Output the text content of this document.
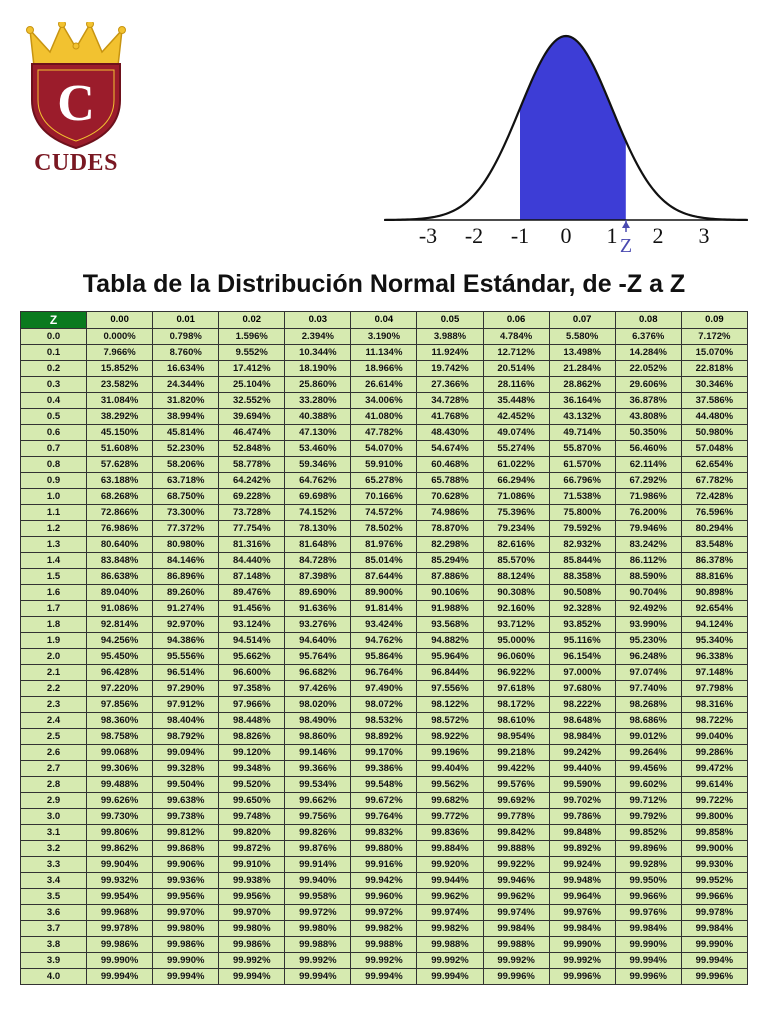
C
CUDES
-3 -2 -1 0 1 2 3
Z
Tabla de la Distribución Normal Estándar, de -Z a Z
Z	0.00	0.01	0.02	0.03	0.04	0.05	0.06	0.07	0.08	0.09
0.0	0.000%	0.798%	1.596%	2.394%	3.190%	3.988%	4.784%	5.580%	6.376%	7.172%
0.1	7.966%	8.760%	9.552%	10.344%	11.134%	11.924%	12.712%	13.498%	14.284%	15.070%
0.2	15.852%	16.634%	17.412%	18.190%	18.966%	19.742%	20.514%	21.284%	22.052%	22.818%
0.3	23.582%	24.344%	25.104%	25.860%	26.614%	27.366%	28.116%	28.862%	29.606%	30.346%
0.4	31.084%	31.820%	32.552%	33.280%	34.006%	34.728%	35.448%	36.164%	36.878%	37.586%
0.5	38.292%	38.994%	39.694%	40.388%	41.080%	41.768%	42.452%	43.132%	43.808%	44.480%
0.6	45.150%	45.814%	46.474%	47.130%	47.782%	48.430%	49.074%	49.714%	50.350%	50.980%
0.7	51.608%	52.230%	52.848%	53.460%	54.070%	54.674%	55.274%	55.870%	56.460%	57.048%
0.8	57.628%	58.206%	58.778%	59.346%	59.910%	60.468%	61.022%	61.570%	62.114%	62.654%
0.9	63.188%	63.718%	64.242%	64.762%	65.278%	65.788%	66.294%	66.796%	67.292%	67.782%
1.0	68.268%	68.750%	69.228%	69.698%	70.166%	70.628%	71.086%	71.538%	71.986%	72.428%
1.1	72.866%	73.300%	73.728%	74.152%	74.572%	74.986%	75.396%	75.800%	76.200%	76.596%
1.2	76.986%	77.372%	77.754%	78.130%	78.502%	78.870%	79.234%	79.592%	79.946%	80.294%
1.3	80.640%	80.980%	81.316%	81.648%	81.976%	82.298%	82.616%	82.932%	83.242%	83.548%
1.4	83.848%	84.146%	84.440%	84.728%	85.014%	85.294%	85.570%	85.844%	86.112%	86.378%
1.5	86.638%	86.896%	87.148%	87.398%	87.644%	87.886%	88.124%	88.358%	88.590%	88.816%
1.6	89.040%	89.260%	89.476%	89.690%	89.900%	90.106%	90.308%	90.508%	90.704%	90.898%
1.7	91.086%	91.274%	91.456%	91.636%	91.814%	91.988%	92.160%	92.328%	92.492%	92.654%
1.8	92.814%	92.970%	93.124%	93.276%	93.424%	93.568%	93.712%	93.852%	93.990%	94.124%
1.9	94.256%	94.386%	94.514%	94.640%	94.762%	94.882%	95.000%	95.116%	95.230%	95.340%
2.0	95.450%	95.556%	95.662%	95.764%	95.864%	95.964%	96.060%	96.154%	96.248%	96.338%
2.1	96.428%	96.514%	96.600%	96.682%	96.764%	96.844%	96.922%	97.000%	97.074%	97.148%
2.2	97.220%	97.290%	97.358%	97.426%	97.490%	97.556%	97.618%	97.680%	97.740%	97.798%
2.3	97.856%	97.912%	97.966%	98.020%	98.072%	98.122%	98.172%	98.222%	98.268%	98.316%
2.4	98.360%	98.404%	98.448%	98.490%	98.532%	98.572%	98.610%	98.648%	98.686%	98.722%
2.5	98.758%	98.792%	98.826%	98.860%	98.892%	98.922%	98.954%	98.984%	99.012%	99.040%
2.6	99.068%	99.094%	99.120%	99.146%	99.170%	99.196%	99.218%	99.242%	99.264%	99.286%
2.7	99.306%	99.328%	99.348%	99.366%	99.386%	99.404%	99.422%	99.440%	99.456%	99.472%
2.8	99.488%	99.504%	99.520%	99.534%	99.548%	99.562%	99.576%	99.590%	99.602%	99.614%
2.9	99.626%	99.638%	99.650%	99.662%	99.672%	99.682%	99.692%	99.702%	99.712%	99.722%
3.0	99.730%	99.738%	99.748%	99.756%	99.764%	99.772%	99.778%	99.786%	99.792%	99.800%
3.1	99.806%	99.812%	99.820%	99.826%	99.832%	99.836%	99.842%	99.848%	99.852%	99.858%
3.2	99.862%	99.868%	99.872%	99.876%	99.880%	99.884%	99.888%	99.892%	99.896%	99.900%
3.3	99.904%	99.906%	99.910%	99.914%	99.916%	99.920%	99.922%	99.924%	99.928%	99.930%
3.4	99.932%	99.936%	99.938%	99.940%	99.942%	99.944%	99.946%	99.948%	99.950%	99.952%
3.5	99.954%	99.956%	99.956%	99.958%	99.960%	99.962%	99.962%	99.964%	99.966%	99.966%
3.6	99.968%	99.970%	99.970%	99.972%	99.972%	99.974%	99.974%	99.976%	99.976%	99.978%
3.7	99.978%	99.980%	99.980%	99.980%	99.982%	99.982%	99.984%	99.984%	99.984%	99.984%
3.8	99.986%	99.986%	99.986%	99.988%	99.988%	99.988%	99.988%	99.990%	99.990%	99.990%
3.9	99.990%	99.990%	99.992%	99.992%	99.992%	99.992%	99.992%	99.992%	99.994%	99.994%
4.0	99.994%	99.994%	99.994%	99.994%	99.994%	99.994%	99.996%	99.996%	99.996%	99.996%
